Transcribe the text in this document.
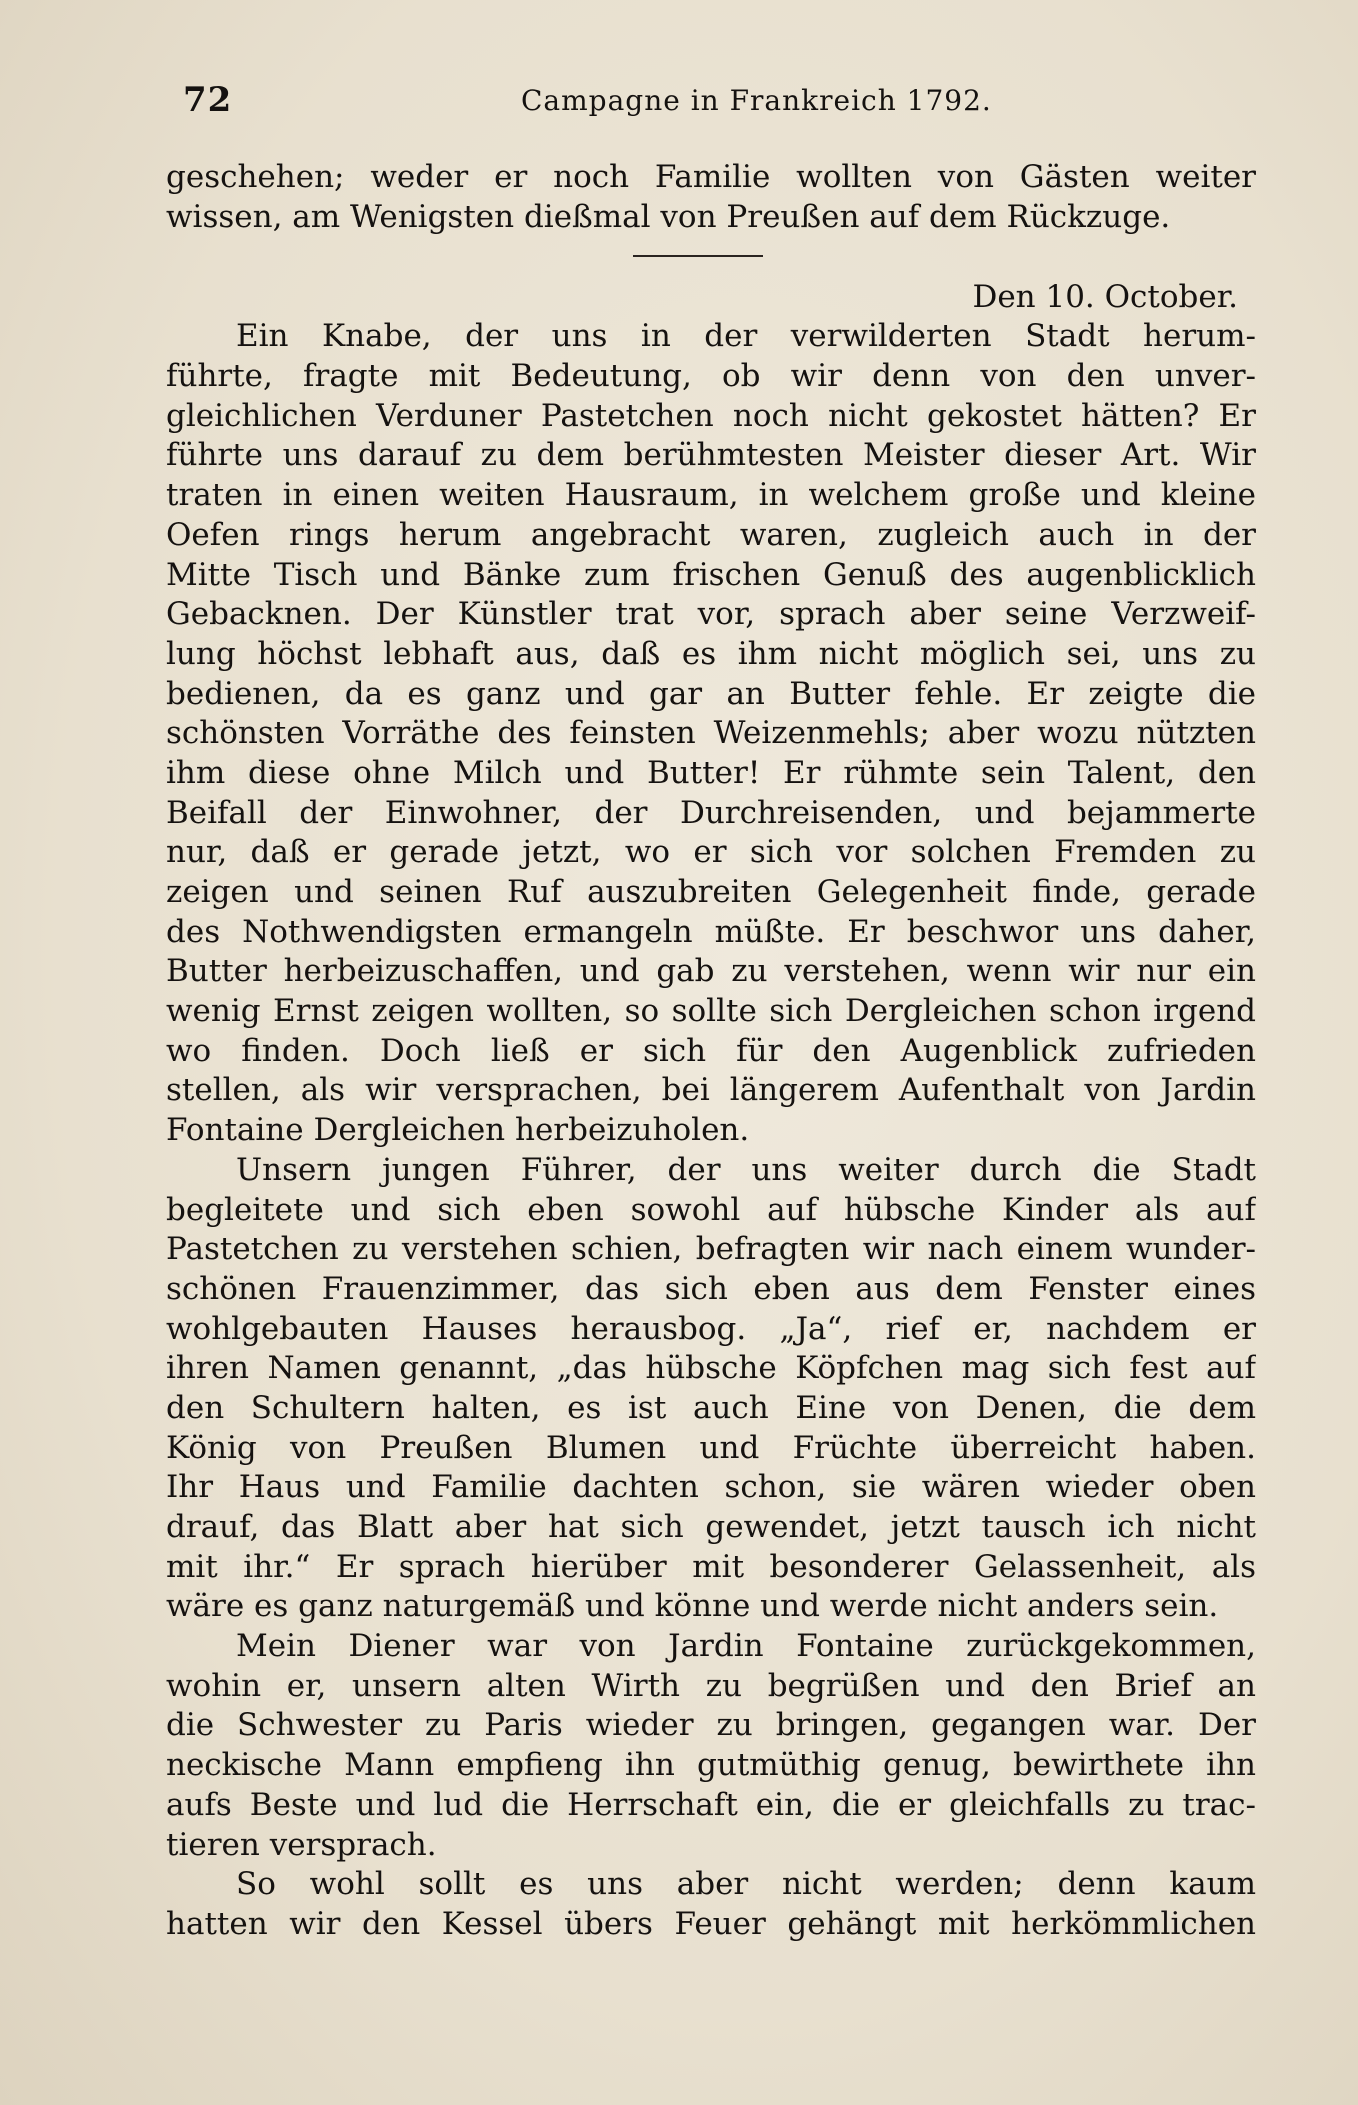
72	Campagne in Frankreich 1792.
geschehen; weder er noch Familie wollten von Gästen weiter
wissen, am Wenigsten dießmal von Preußen auf dem Rückzuge.
Den 10. October.
Ein Knabe, der uns in der verwilderten Stadt herum-
führte, fragte mit Bedeutung, ob wir denn von den unver-
gleichlichen Verduner Pastetchen noch nicht gekostet hätten? Er
führte uns darauf zu dem berühmtesten Meister dieser Art. Wir
traten in einen weiten Hausraum, in welchem große und kleine
Oefen rings herum angebracht waren, zugleich auch in der
Mitte Tisch und Bänke zum frischen Genuß des augenblicklich
Gebacknen. Der Künstler trat vor, sprach aber seine Verzweif-
lung höchst lebhaft aus, daß es ihm nicht möglich sei, uns zu
bedienen, da es ganz und gar an Butter fehle. Er zeigte die
schönsten Vorräthe des feinsten Weizenmehls; aber wozu nützten
ihm diese ohne Milch und Butter! Er rühmte sein Talent, den
Beifall der Einwohner, der Durchreisenden, und bejammerte
nur, daß er gerade jetzt, wo er sich vor solchen Fremden zu
zeigen und seinen Ruf auszubreiten Gelegenheit finde, gerade
des Nothwendigsten ermangeln müßte. Er beschwor uns daher,
Butter herbeizuschaffen, und gab zu verstehen, wenn wir nur ein
wenig Ernst zeigen wollten, so sollte sich Dergleichen schon irgend
wo finden. Doch ließ er sich für den Augenblick zufrieden
stellen, als wir versprachen, bei längerem Aufenthalt von Jardin
Fontaine Dergleichen herbeizuholen.
Unsern jungen Führer, der uns weiter durch die Stadt
begleitete und sich eben sowohl auf hübsche Kinder als auf
Pastetchen zu verstehen schien, befragten wir nach einem wunder-
schönen Frauenzimmer, das sich eben aus dem Fenster eines
wohlgebauten Hauses herausbog. „Ja“, rief er, nachdem er
ihren Namen genannt, „das hübsche Köpfchen mag sich fest auf
den Schultern halten, es ist auch Eine von Denen, die dem
König von Preußen Blumen und Früchte überreicht haben.
Ihr Haus und Familie dachten schon, sie wären wieder oben
drauf, das Blatt aber hat sich gewendet, jetzt tausch ich nicht
mit ihr.“ Er sprach hierüber mit besonderer Gelassenheit, als
wäre es ganz naturgemäß und könne und werde nicht anders sein.
Mein Diener war von Jardin Fontaine zurückgekommen,
wohin er, unsern alten Wirth zu begrüßen und den Brief an
die Schwester zu Paris wieder zu bringen, gegangen war. Der
neckische Mann empfieng ihn gutmüthig genug, bewirthete ihn
aufs Beste und lud die Herrschaft ein, die er gleichfalls zu trac-
tieren versprach.
So wohl sollt es uns aber nicht werden; denn kaum
hatten wir den Kessel übers Feuer gehängt mit herkömmlichen
